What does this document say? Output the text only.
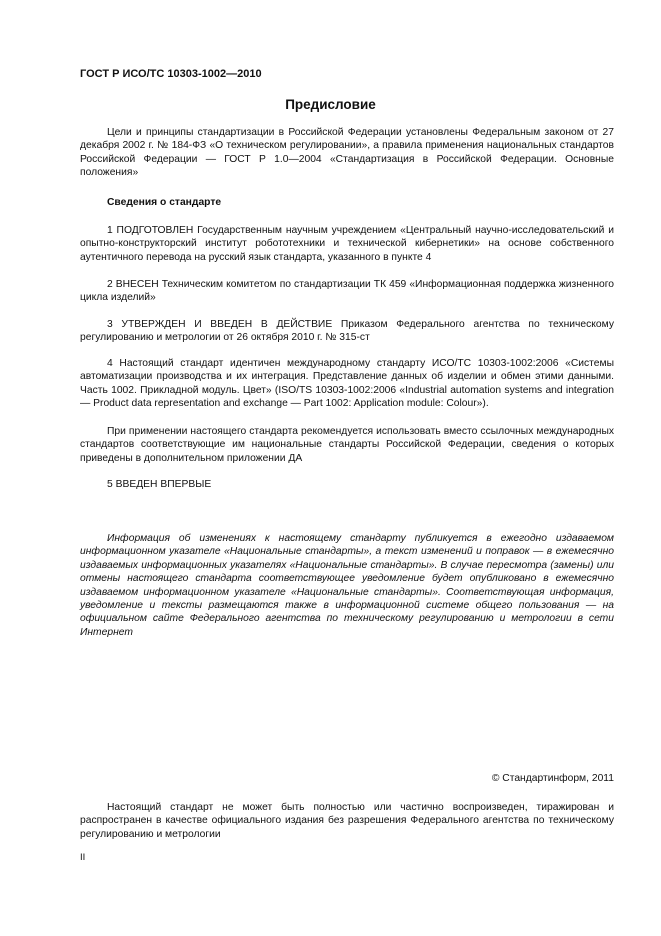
ГОСТ Р ИСО/ТС 10303-1002—2010
Предисловие

Цели и принципы стандартизации в Российской Федерации установлены Федеральным законом от 27 декабря 2002 г. № 184-ФЗ «О техническом регулировании», а правила применения национальных стандартов Российской Федерации — ГОСТ Р 1.0—2004 «Стандартизация в Российской Федерации. Основные положения»

Сведения о стандарте

1 ПОДГОТОВЛЕН Государственным научным учреждением «Центральный научно-исследовательский и опытно-конструкторский институт робототехники и технической кибернетики» на основе собственного аутентичного перевода на русский язык стандарта, указанного в пункте 4

2 ВНЕСЕН Техническим комитетом по стандартизации ТК 459 «Информационная поддержка жизненного цикла изделий»

3 УТВЕРЖДЕН И ВВЕДЕН В ДЕЙСТВИЕ Приказом Федерального агентства по техническому регулированию и метрологии от 26 октября 2010 г. № 315-ст

4 Настоящий стандарт идентичен международному стандарту ИСО/ТС 10303-1002:2006 «Системы автоматизации производства и их интеграция. Представление данных об изделии и обмен этими данными. Часть 1002. Прикладной модуль. Цвет» (ISO/TS 10303-1002:2006 «Industrial automation systems and integration — Product data representation and exchange — Part 1002: Application module: Colour»).

При применении настоящего стандарта рекомендуется использовать вместо ссылочных международных стандартов соответствующие им национальные стандарты Российской Федерации, сведения о которых приведены в дополнительном приложении ДА

5 ВВЕДЕН ВПЕРВЫЕ

Информация об изменениях к настоящему стандарту публикуется в ежегодно издаваемом информационном указателе «Национальные стандарты», а текст изменений и поправок — в ежемесячно издаваемых информационных указателях «Национальные стандарты». В случае пересмотра (замены) или отмены настоящего стандарта соответствующее уведомление будет опубликовано в ежемесячно издаваемом информационном указателе «Национальные стандарты». Соответствующая информация, уведомление и тексты размещаются также в информационной системе общего пользования — на официальном сайте Федерального агентства по техническому регулированию и метрологии в сети Интернет

© Стандартинформ, 2011

Настоящий стандарт не может быть полностью или частично воспроизведен, тиражирован и распространен в качестве официального издания без разрешения Федерального агентства по техническому регулированию и метрологии

II
